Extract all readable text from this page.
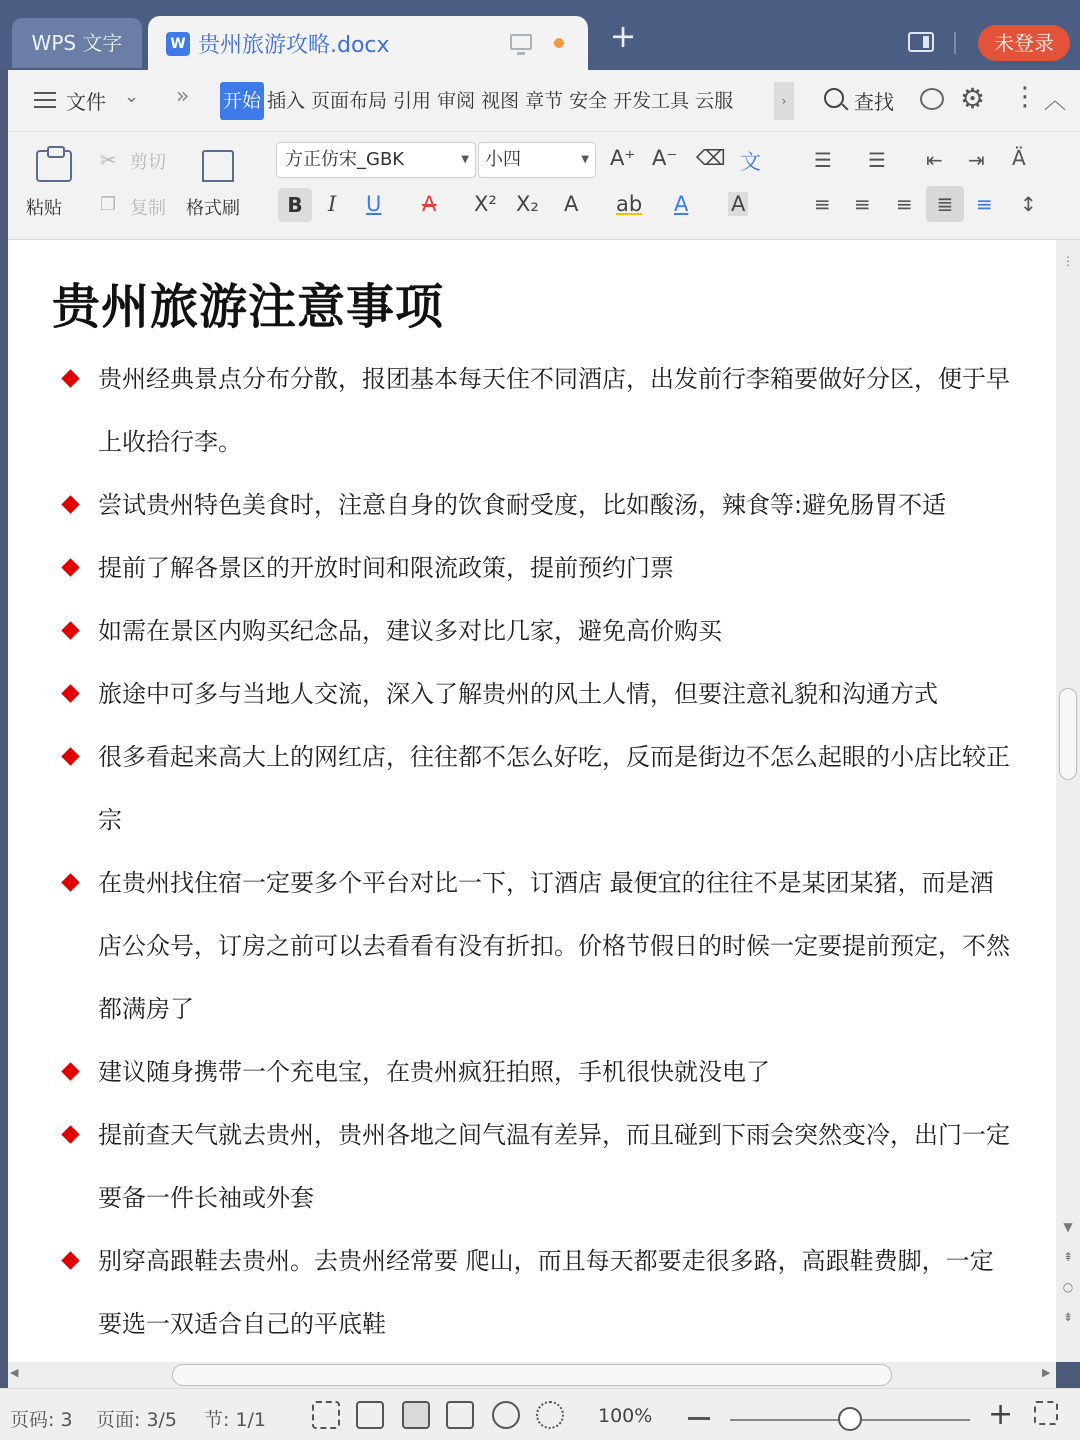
WPS 文字	W 贵州旅游攻略.docx	+	未登录
文件 ⌄ » 开始 插入 页面布局 引用 审阅 视图 章节 安全 开发工具 云服	›	查找 ⚙ ⋮ ︿
粘贴
✂ 剪切
❐ 复制 格式刷
方正仿宋_GBK	▼ 小四	▼ A⁺ A⁻ ⌫ 文
B	I U A X² X₂ A ab A A
☰ ☰ ⇤ ⇥ Ä
≡ ≡ ≡	≣	≡ ↕
贵州旅游注意事项
贵州经典景点分布分散，报团基本每天住不同酒店，出发前行李箱要做好分区，便于早上收拾行李。
尝试贵州特色美食时，注意自身的饮食耐受度，比如酸汤，辣食等:避免肠胃不适
提前了解各景区的开放时间和限流政策，提前预约门票
如需在景区内购买纪念品，建议多对比几家，避免高价购买
旅途中可多与当地人交流，深入了解贵州的风土人情，但要注意礼貌和沟通方式
很多看起来高大上的网红店，往往都不怎么好吃，反而是街边不怎么起眼的小店比较正宗
在贵州找住宿一定要多个平台对比一下，订酒店 最便宜的往往不是某团某猪，而是酒店公众号，订房之前可以去看看有没有折扣。价格节假日的时候一定要提前预定，不然都满房了
建议随身携带一个充电宝，在贵州疯狂拍照，手机很快就没电了
提前查天气就去贵州，贵州各地之间气温有差异，而且碰到下雨会突然变冷，出门一定要备一件长袖或外套
别穿高跟鞋去贵州。去贵州经常要 爬山，而且每天都要走很多路，高跟鞋费脚，一定要选一双适合自己的平底鞋
⋮
▼
⇞
○
⇟
◀	▶
页码: 3 页面: 3/5 节: 1/1	100%	+
